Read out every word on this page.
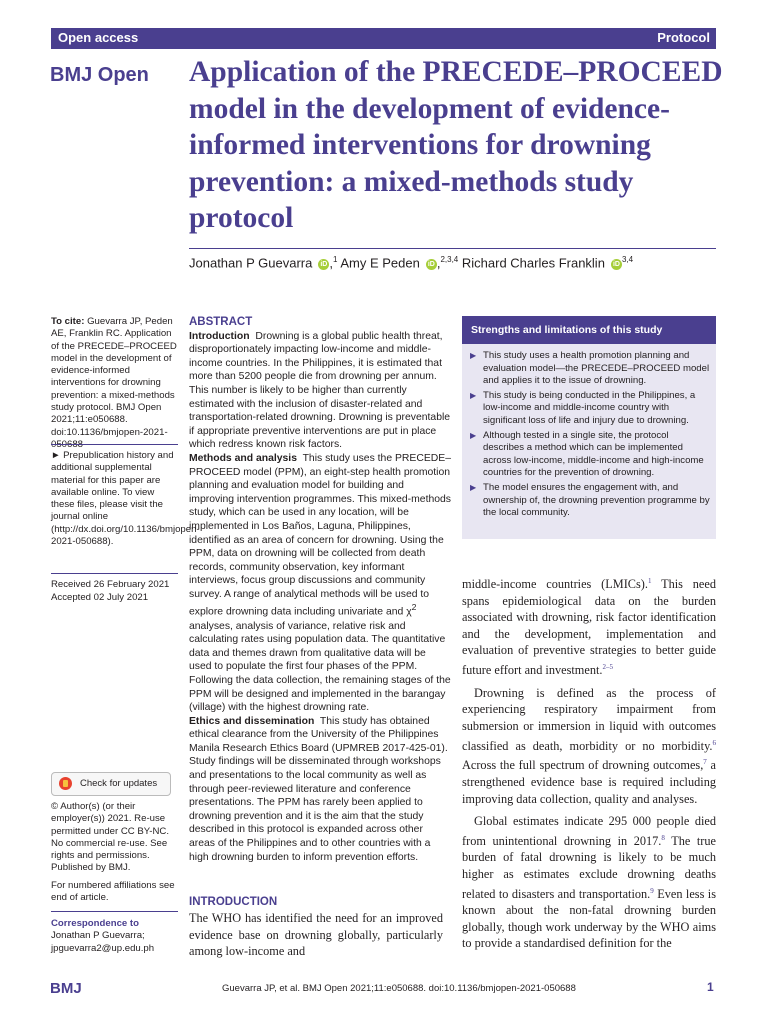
Open access	Protocol
BMJ Open Application of the PRECEDE–PROCEED model in the development of evidence-informed interventions for drowning prevention: a mixed-methods study protocol
Jonathan P Guevarra iD ,$^1$ Amy E Peden iD ,$^{2,3,4}$ Richard Charles Franklin iD$^{3,4}$
To cite: Guevarra JP, Peden AE, Franklin RC. Application of the PRECEDE–PROCEED model in the development of evidence-informed interventions for drowning prevention: a mixed-methods study protocol. BMJ Open 2021;11:e050688. doi:10.1136/bmjopen-2021-
► Prepublication history and additional supplemental material for this paper are available online. To view these files, please visit the journal online (http://dx.doi.org/10.1136/bmjopen-2021-050688).
Received 26 February 2021
Accepted 02 July 2021
Check for updates
© Author(s) (or their employer(s)) 2021. Re-use permitted under CC BY-NC. No commercial re-use. See rights and permissions. Published by BMJ.
For numbered affiliations see end of article.
Correspondence to
Jonathan P Guevarra;
jpguevarra2@up.edu.ph
ABSTRACT
Introduction Drowning is a global public health threat, disproportionately impacting low-income and middle-income countries. In the Philippines, it is estimated that more than 5200 people die from drowning per annum. This number is likely to be higher than currently estimated with the inclusion of disaster-related and transportation-related drowning. Drowning is preventable if appropriate preventive interventions are put in place which redress known risk factors.
Methods and analysis This study uses the PRECEDE–PROCEED model (PPM), an eight-step health promotion planning and evaluation model for building and improving intervention programmes. This mixed-methods study, which can be used in any location, will be implemented in Los Baños, Laguna, Philippines, identified as an area of concern for drowning. Using the PPM, data on drowning will be collected from death records, community observation, key informant interviews, focus group discussions and community survey. A range of analytical methods will be used to explore drowning data including univariate and $\chi^2$ analyses, analysis of variance, relative risk and calculating rates using population data. The quantitative data and themes drawn from qualitative data will be used to populate the first four phases of the PPM. Following the data collection, the remaining stages of the PPM will be designed and implemented in the barangay (village) with the highest drowning rate.
Ethics and dissemination This study has obtained ethical clearance from the University of the Philippines Manila Research Ethics Board (UPMREB 2017-425-01). Study findings will be disseminated through workshops and presentations to the local community as well as through peer-reviewed literature and conference presentations. The PPM has rarely been applied to drowning prevention and it is the aim that the study described in this protocol is expanded across other areas of the Philippines and to other countries with a high drowning burden to inform prevention efforts.
INTRODUCTION
The WHO has identified the need for an improved evidence base on drowning globally, particularly among low-income and
Strengths and limitations of this study
▶ This study uses a health promotion planning and evaluation model—the PRECEDE–PROCEED model and applies it to the issue of drowning.
▶ This study is being conducted in the Philippines, a low-income and middle-income country with significant loss of life and injury due to drowning.
▶ Although tested in a single site, the protocol describes a method which can be implemented across low-income, middle-income and high-income countries for the prevention of drowning.
▶ The model ensures the engagement with, and ownership of, the drowning prevention programme by the local community.

middle-income countries (LMICs).$^1$ This need spans epidemiological data on the burden associated with drowning, risk factor identification and the development, implementation and evaluation of preventive strategies to better guide future effort and investment.$^{2-5}$

Drowning is defined as the process of experiencing respiratory impairment from submersion or immersion in liquid with outcomes classified as death, morbidity or no morbidity.$^6$ Across the full spectrum of drowning outcomes,$^7$ a strengthened evidence base is required including improving data collection, quality and analyses.

Global estimates indicate 295 000 people died from unintentional drowning in 2017.$^8$ The true burden of fatal drowning is likely to be much higher as estimates exclude drowning deaths related to disasters and transportation.$^9$ Even less is known about the non-fatal drowning burden globally, though work underway by the WHO aims to provide a standardised definition for the

BMJ	Guevarra JP, et al. BMJ Open 2021;11:e050688. doi:10.1136/bmjopen-2021-050688	1
